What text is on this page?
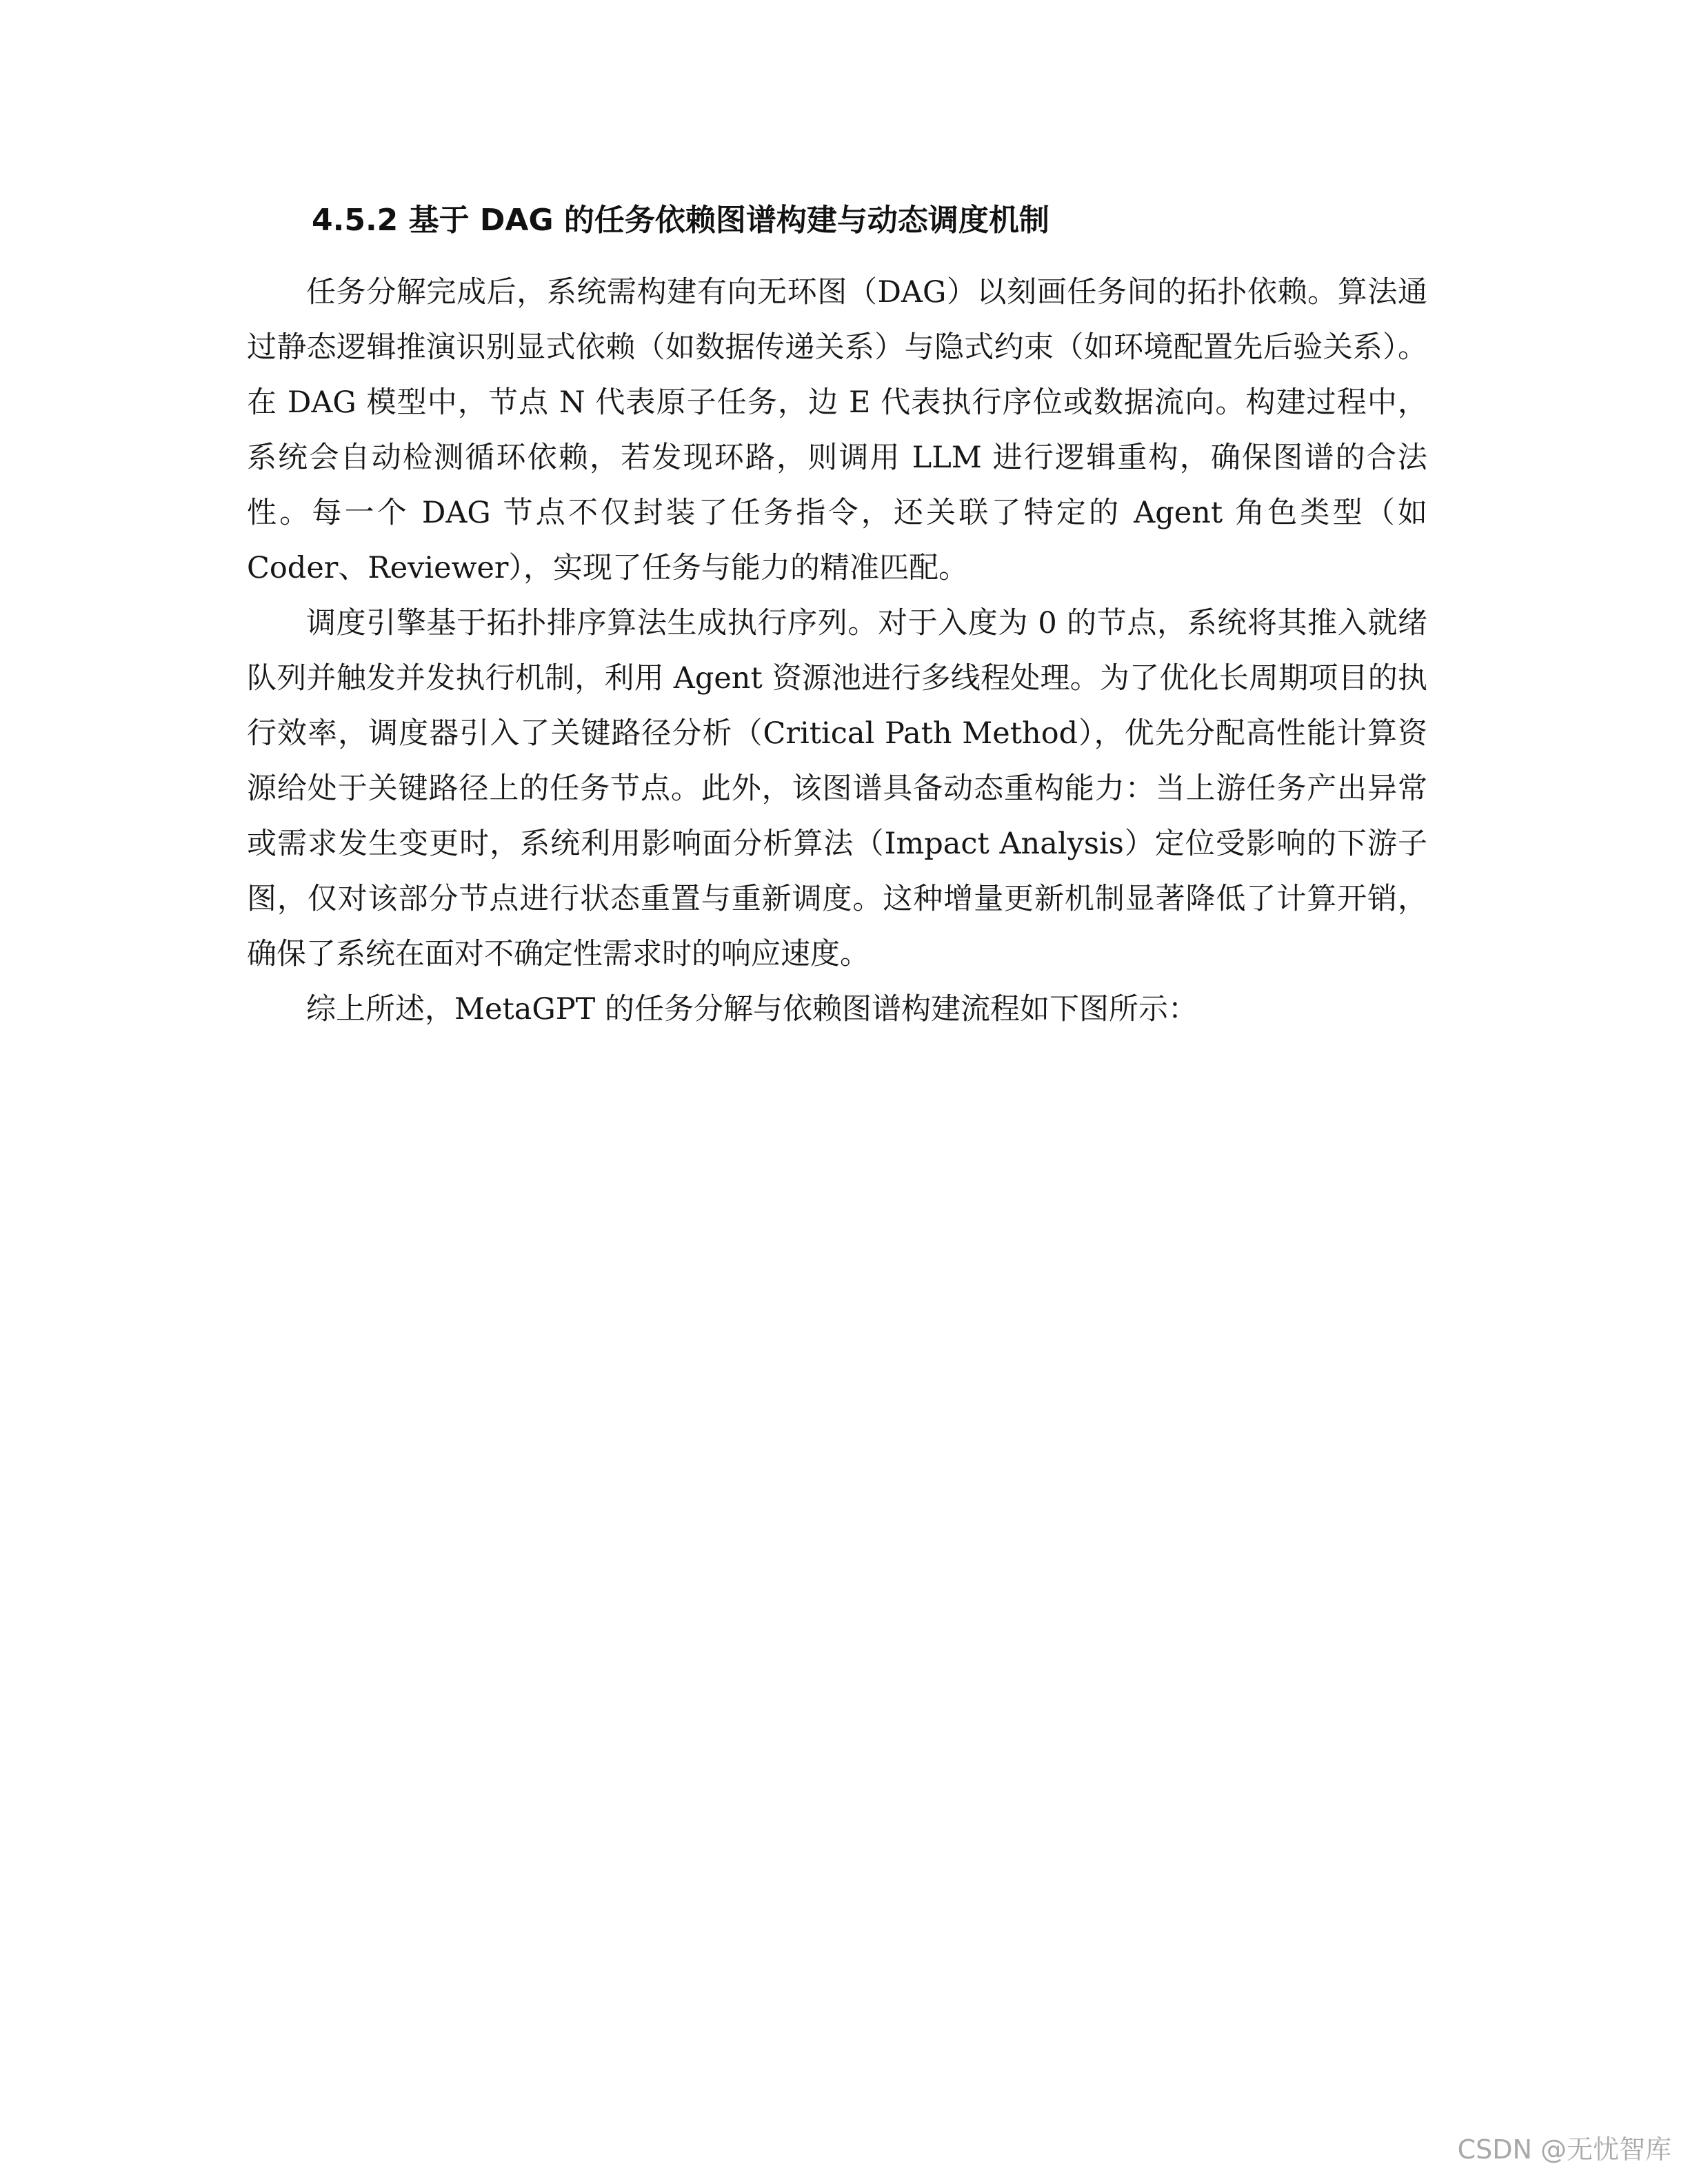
4.5.2 基于 DAG 的任务依赖图谱构建与动态调度机制

任务分解完成后，系统需构建有向无环图（DAG）以刻画任务间的拓扑依赖。算法通过静态逻辑推演识别显式依赖（如数据传递关系）与隐式约束（如环境配置先后验关系）。在 DAG 模型中，节点 N 代表原子任务，边 E 代表执行序位或数据流向。构建过程中，系统会自动检测循环依赖，若发现环路，则调用 LLM 进行逻辑重构，确保图谱的合法性。每一个 DAG 节点不仅封装了任务指令，还关联了特定的 Agent 角色类型（如 Coder、Reviewer），实现了任务与能力的精准匹配。

调度引擎基于拓扑排序算法生成执行序列。对于入度为 0 的节点，系统将其推入就绪队列并触发并发执行机制，利用 Agent 资源池进行多线程处理。为了优化长周期项目的执行效率，调度器引入了关键路径分析（Critical Path Method），优先分配高性能计算资源给处于关键路径上的任务节点。此外，该图谱具备动态重构能力：当上游任务产出异常或需求发生变更时，系统利用影响面分析算法（Impact Analysis）定位受影响的下游子图，仅对该部分节点进行状态重置与重新调度。这种增量更新机制显著降低了计算开销，确保了系统在面对不确定性需求时的响应速度。

综上所述，MetaGPT 的任务分解与依赖图谱构建流程如下图所示：

CSDN @无忧智库
